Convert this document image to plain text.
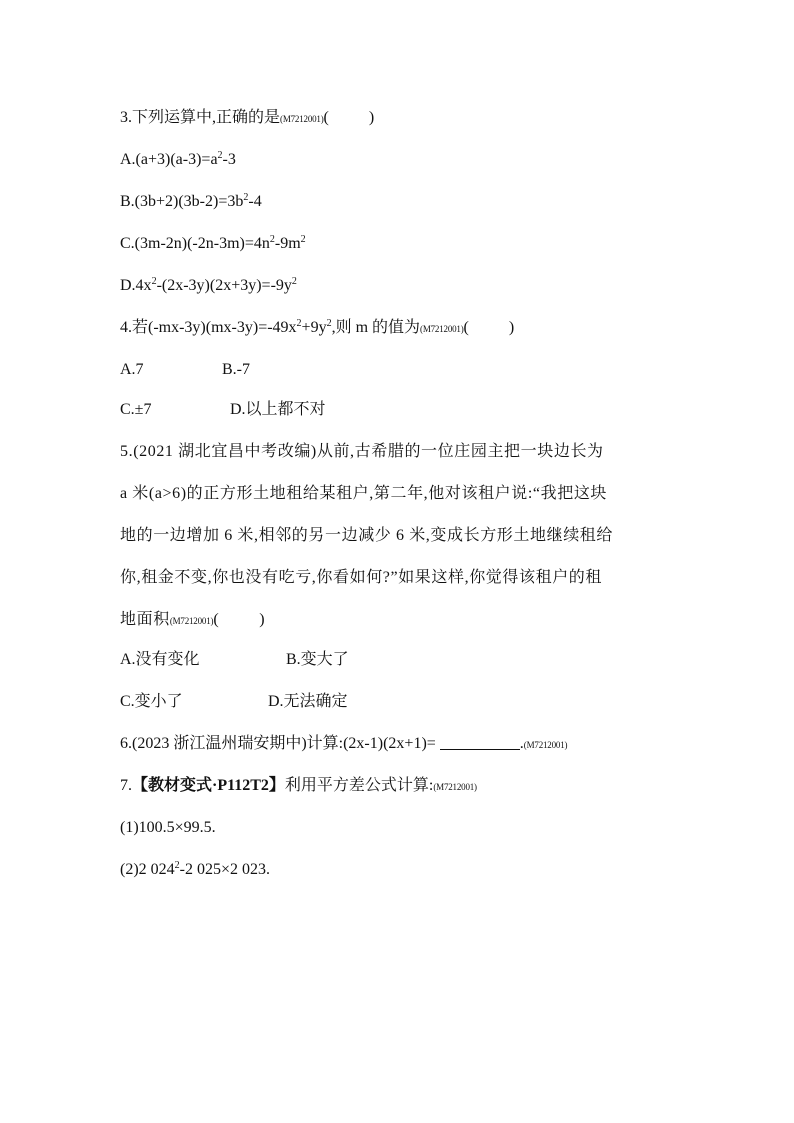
3.下列运算中,正确的是(M7212001)(	)
$A.(a+3)(a-3)=a^2-3$
$B.(3b+2)(3b-2)=3b^2-4$
$C.(3m-2n)(-2n-3m)=4n^2-9m^2$
$D.4x^2-(2x-3y)(2x+3y)=-9y^2$
4.若$(-mx-3y)(mx-3y)=-49x^2+9y^2$,则 m 的值为(M7212001)(	)
A.7	B.-7
C.±7	D.以上都不对
5.(2021 湖北宜昌中考改编)从前,古希腊的一位庄园主把一块边长为
a 米(a>6)的正方形土地租给某租户,第二年,他对该租户说:“我把这块
地的一边增加 6 米,相邻的另一边减少 6 米,变成长方形土地继续租给
你,租金不变,你也没有吃亏,你看如何?”如果这样,你觉得该租户的租
地面积(M7212001)(	)
A.没有变化	B.变大了
C.变小了	D.无法确定
6.(2023 浙江温州瑞安期中)计算:(2x-1)(2x+1)=	.(M7212001)
7.【教材变式·P112T2】利用平方差公式计算:(M7212001)
(1)100.5×99.5.
(2)2 $024^2-2$ 025×2 023.
